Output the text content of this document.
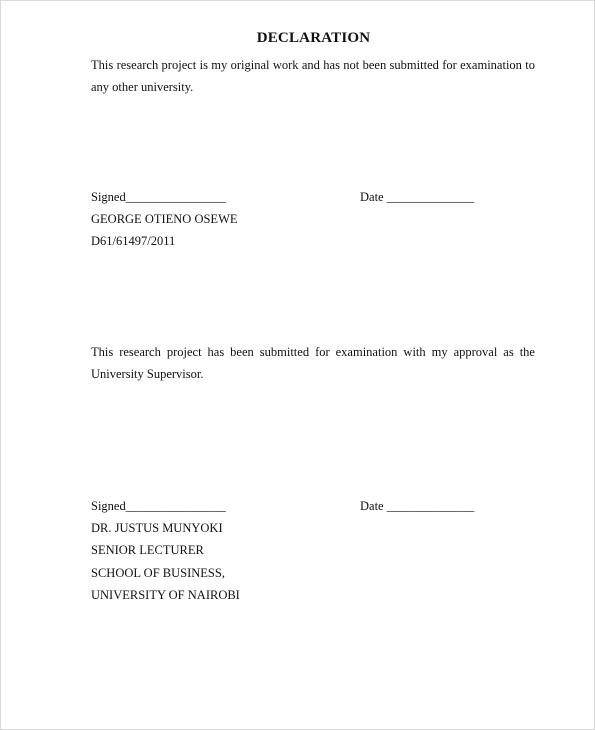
DECLARATION
This research project is my original work and has not been submitted for examination to any other university.
Signed________________	Date ______________
GEORGE OTIENO OSEWE
D61/61497/2011
This research project has been submitted for examination with my approval as the University Supervisor.
Signed________________	Date ______________
DR. JUSTUS MUNYOKI
SENIOR LECTURER
SCHOOL OF BUSINESS,
UNIVERSITY OF NAIROBI
